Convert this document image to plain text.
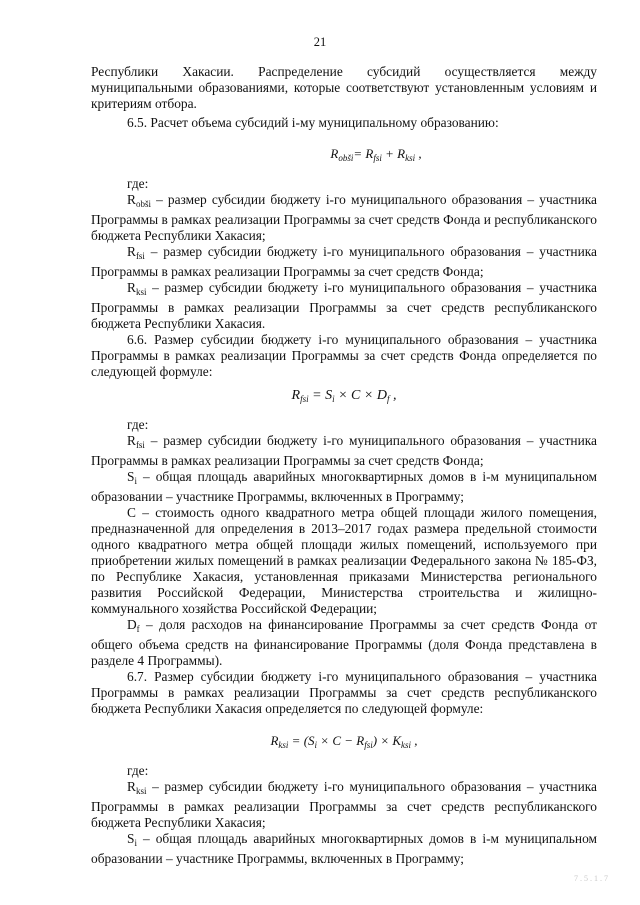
21

Республики Хакасии. Распределение субсидий осуществляется между муниципальными образованиями, которые соответствуют установленным условиям и критериям отбора.

6.5. Расчет объема субсидий i-му муниципальному образованию:

$R_{obši}= R_{fsi} + R_{ksi}$ ,

где:

$R_{obši}$ – размер субсидии бюджету i-го муниципального образования – участника Программы в рамках реализации Программы за счет средств Фонда и республиканского бюджета Республики Хакасия;

$R_{fsi}$ – размер субсидии бюджету i-го муниципального образования – участника Программы в рамках реализации Программы за счет средств Фонда;

$R_{ksi}$ – размер субсидии бюджету i-го муниципального образования – участника Программы в рамках реализации Программы за счет средств республиканского бюджета Республики Хакасия.

6.6. Размер субсидии бюджету i-го муниципального образования – участника Программы в рамках реализации Программы за счет средств Фонда определяется по следующей формуле:

$R_{fsi} = S_i \times C \times D_f$ ,

где:

$R_{fsi}$ – размер субсидии бюджету i-го муниципального образования – участника Программы в рамках реализации Программы за счет средств Фонда;

$S_i$ – общая площадь аварийных многоквартирных домов в i-м муниципальном образовании – участнике Программы, включенных в Программу;

С – стоимость одного квадратного метра общей площади жилого помещения, предназначенной для определения в 2013–2017 годах размера предельной стоимости одного квадратного метра общей площади жилых помещений, используемого при приобретении жилых помещений в рамках реализации Федерального закона № 185-ФЗ, по Республике Хакасия, установленная приказами Министерства регионального развития Российской Федерации, Министерства строительства и жилищно-коммунального хозяйства Российской Федерации;

$D_f$ – доля расходов на финансирование Программы за счет средств Фонда от общего объема средств на финансирование Программы (доля Фонда представлена в разделе 4 Программы).

6.7. Размер субсидии бюджету i-го муниципального образования – участника Программы в рамках реализации Программы за счет средств республиканского бюджета Республики Хакасия определяется по следующей формуле:

$R_{ksi} = (S_i \times C - R_{fsi}) \times K_{ksi}$ ,

где:

$R_{ksi}$ – размер субсидии бюджету i-го муниципального образования – участника Программы в рамках реализации Программы за счет средств республиканского бюджета Республики Хакасия;

$S_i$ – общая площадь аварийных многоквартирных домов в i-м муниципальном образовании – участнике Программы, включенных в Программу;

7.5.1.7
